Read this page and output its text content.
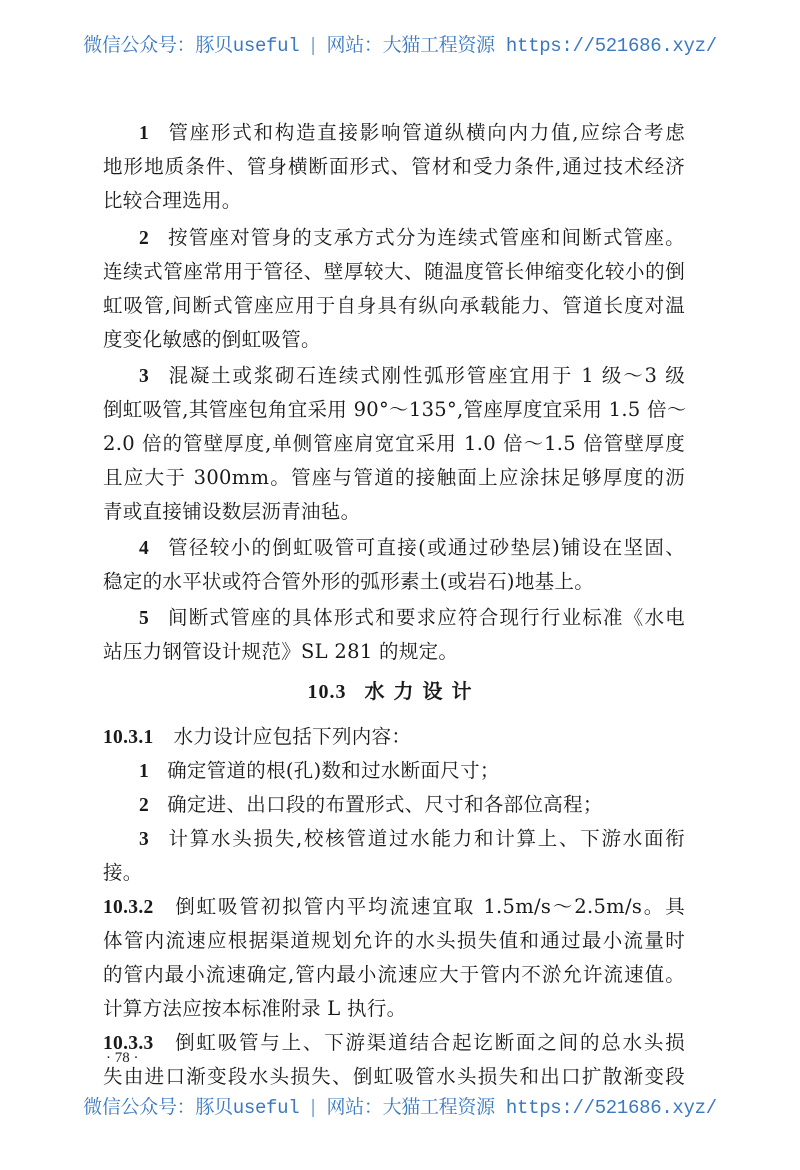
微信公众号：豚贝useful | 网站：大猫工程资源 https://521686.xyz/
1 管座形式和构造直接影响管道纵横向内力值,应综合考虑
地形地质条件、管身横断面形式、管材和受力条件,通过技术经济
比较合理选用。
2 按管座对管身的支承方式分为连续式管座和间断式管座。
连续式管座常用于管径、壁厚较大、随温度管长伸缩变化较小的倒
虹吸管,间断式管座应用于自身具有纵向承载能力、管道长度对温
度变化敏感的倒虹吸管。
3 混凝土或浆砌石连续式刚性弧形管座宜用于 1 级～3 级
倒虹吸管,其管座包角宜采用 90°～135°,管座厚度宜采用 1.5 倍～
2.0 倍的管壁厚度,单侧管座肩宽宜采用 1.0 倍～1.5 倍管壁厚度
且应大于 300mm。管座与管道的接触面上应涂抹足够厚度的沥
青或直接铺设数层沥青油毡。
4 管径较小的倒虹吸管可直接(或通过砂垫层)铺设在坚固、
稳定的水平状或符合管外形的弧形素土(或岩石)地基上。
5 间断式管座的具体形式和要求应符合现行行业标准《水电
站压力钢管设计规范》SL 281 的规定。
10.3 水力设计
10.3.1 水力设计应包括下列内容：
1 确定管道的根(孔)数和过水断面尺寸；
2 确定进、出口段的布置形式、尺寸和各部位高程；
3 计算水头损失,校核管道过水能力和计算上、下游水面衔
接。
10.3.2 倒虹吸管初拟管内平均流速宜取 1.5m/s～2.5m/s。具
体管内流速应根据渠道规划允许的水头损失值和通过最小流量时
的管内最小流速确定,管内最小流速应大于管内不淤允许流速值。
计算方法应按本标准附录 L 执行。
10.3.3 倒虹吸管与上、下游渠道结合起讫断面之间的总水头损
失由进口渐变段水头损失、倒虹吸管水头损失和出口扩散渐变段
· 78 ·
微信公众号：豚贝useful | 网站：大猫工程资源 https://521686.xyz/
